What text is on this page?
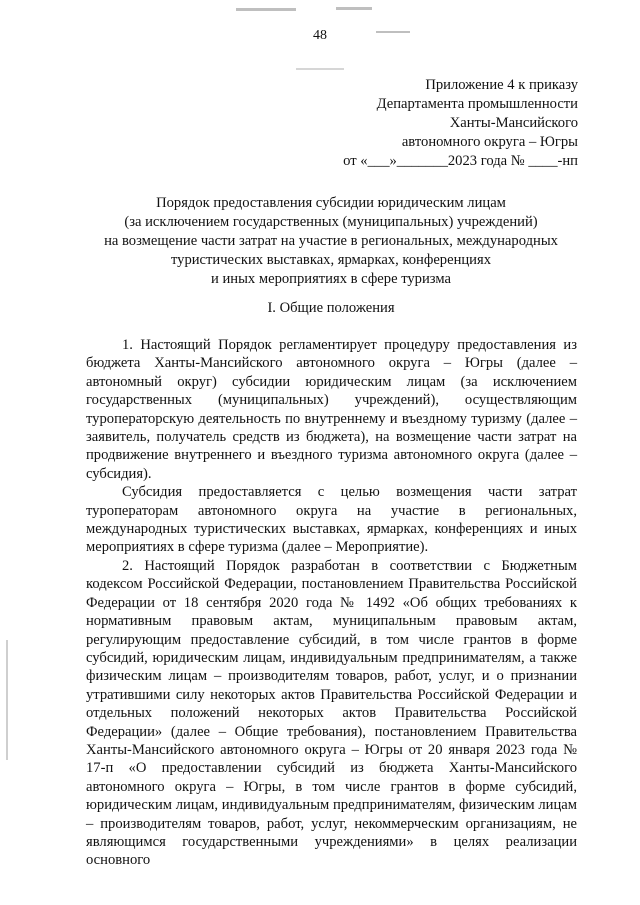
48
Приложение 4 к приказу
Департамента промышленности
Ханты-Мансийского
автономного округа – Югры
от «___»_______2023 года № ____-нп
Порядок предоставления субсидии юридическим лицам
(за исключением государственных (муниципальных) учреждений)
на возмещение части затрат на участие в региональных, международных
туристических выставках, ярмарках, конференциях
и иных мероприятиях в сфере туризма
I. Общие положения

1. Настоящий Порядок регламентирует процедуру предоставления из бюджета Ханты-Мансийского автономного округа – Югры (далее – автономный округ) субсидии юридическим лицам (за исключением государственных (муниципальных) учреждений), осуществляющим туроператорскую деятельность по внутреннему и въездному туризму (далее – заявитель, получатель средств из бюджета), на возмещение части затрат на продвижение внутреннего и въездного туризма автономного округа (далее – субсидия).

Субсидия предоставляется с целью возмещения части затрат туроператорам автономного округа на участие в региональных, международных туристических выставках, ярмарках, конференциях и иных мероприятиях в сфере туризма (далее – Мероприятие).

2. Настоящий Порядок разработан в соответствии с Бюджетным кодексом Российской Федерации, постановлением Правительства Российской Федерации от 18 сентября 2020 года № 1492 «Об общих требованиях к нормативным правовым актам, муниципальным правовым актам, регулирующим предоставление субсидий, в том числе грантов в форме субсидий, юридическим лицам, индивидуальным предпринимателям, а также физическим лицам – производителям товаров, работ, услуг, и о признании утратившими силу некоторых актов Правительства Российской Федерации и отдельных положений некоторых актов Правительства Российской Федерации» (далее – Общие требования), постановлением Правительства Ханты-Мансийского автономного округа – Югры от 20 января 2023 года № 17-п «О предоставлении субсидий из бюджета Ханты-Мансийского автономного округа – Югры, в том числе грантов в форме субсидий, юридическим лицам, индивидуальным предпринимателям, физическим лицам – производителям товаров, работ, услуг, некоммерческим организациям, не являющимся государственными учреждениями» в целях реализации основного
